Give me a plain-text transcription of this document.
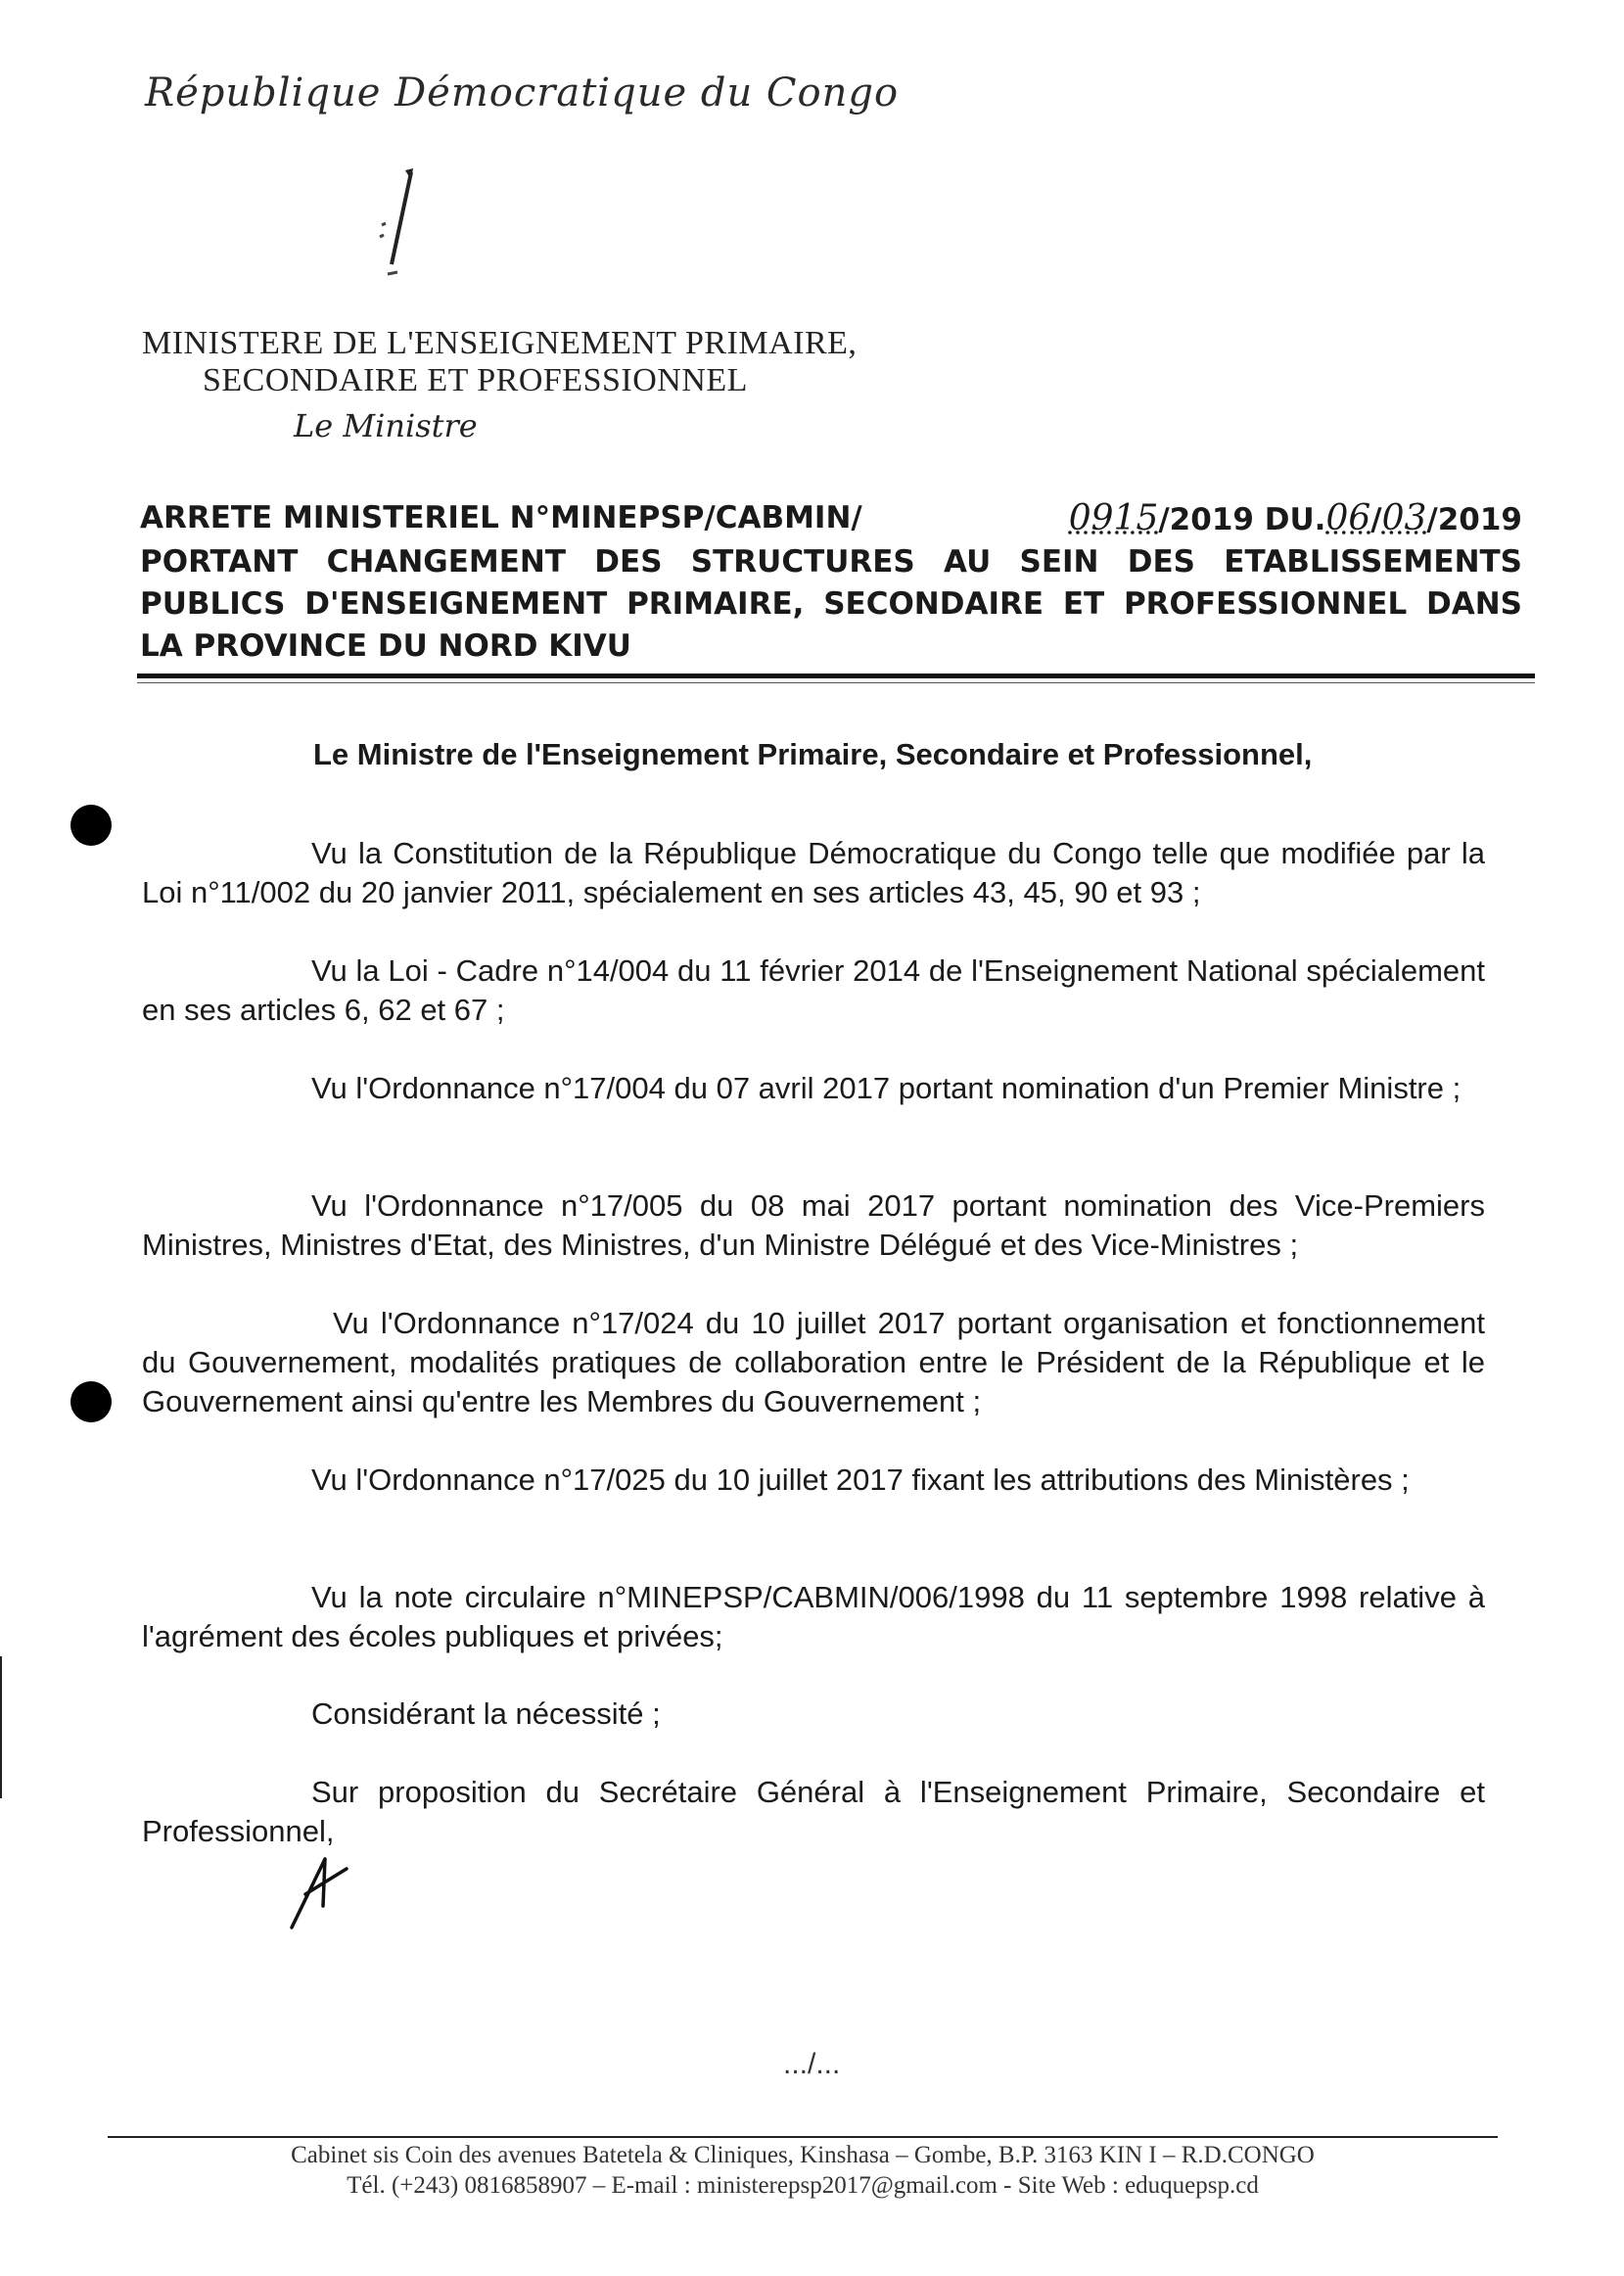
République Démocratique du Congo
MINISTERE DE L'ENSEIGNEMENT PRIMAIRE,
SECONDAIRE ET PROFESSIONNEL
Le Ministre
ARRETE MINISTERIEL N°MINEPSP/CABMIN/	0915/2019 DU.06/03/2019
PORTANT CHANGEMENT DES STRUCTURES AU SEIN DES ETABLISSEMENTS
PUBLICS D'ENSEIGNEMENT PRIMAIRE, SECONDAIRE ET PROFESSIONNEL DANS
LA PROVINCE DU NORD KIVU
Le Ministre de l'Enseignement Primaire, Secondaire et Professionnel,
Vu la Constitution de la République Démocratique du Congo telle que modifiée par la Loi n°11/002 du 20 janvier 2011, spécialement en ses articles 43, 45, 90 et 93 ;
Vu la Loi - Cadre n°14/004 du 11 février 2014 de l'Enseignement National spécialement en ses articles 6, 62 et 67 ;
Vu l'Ordonnance n°17/004 du 07 avril 2017 portant nomination d'un Premier Ministre ;
Vu l'Ordonnance n°17/005 du 08 mai 2017 portant nomination des Vice-Premiers Ministres, Ministres d'Etat, des Ministres, d'un Ministre Délégué et des Vice-Ministres ;
Vu l'Ordonnance n°17/024 du 10 juillet 2017 portant organisation et fonctionnement du Gouvernement, modalités pratiques de collaboration entre le Président de la République et le Gouvernement ainsi qu'entre les Membres du Gouvernement ;
Vu l'Ordonnance n°17/025 du 10 juillet 2017 fixant les attributions des Ministères ;
Vu la note circulaire n°MINEPSP/CABMIN/006/1998 du 11 septembre 1998 relative à l'agrément des écoles publiques et privées;
Considérant la nécessité ;
Sur proposition du Secrétaire Général à l'Enseignement Primaire, Secondaire et Professionnel,
.../...
Cabinet sis Coin des avenues Batetela & Cliniques, Kinshasa – Gombe, B.P. 3163 KIN I – R.D.CONGO
Tél. (+243) 0816858907 – E-mail : ministerepsp2017@gmail.com - Site Web : eduquepsp.cd
